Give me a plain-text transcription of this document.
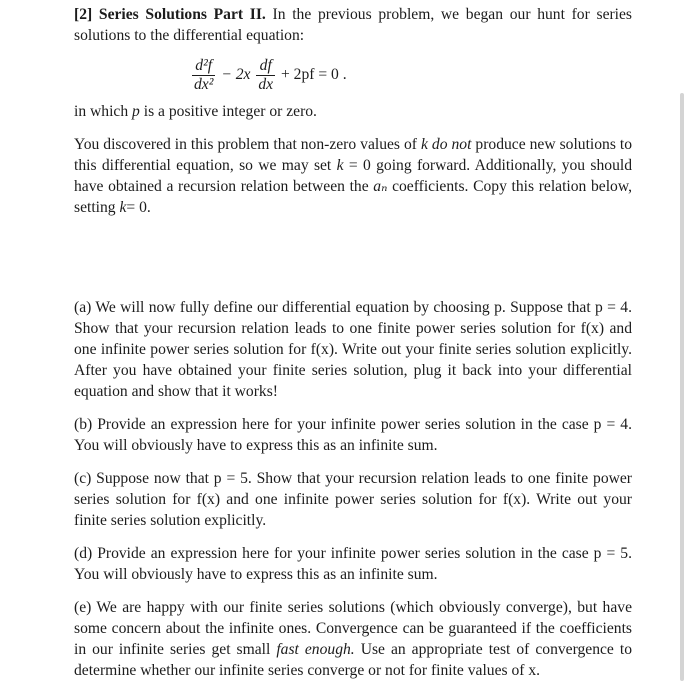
[2] Series Solutions Part II. In the previous problem, we began our hunt for series solutions to the differential equation:

in which p is a positive integer or zero.

You discovered in this problem that non-zero values of k do not produce new solutions to this differential equation, so we may set k = 0 going forward. Additionally, you should have obtained a recursion relation between the aₙ coefficients. Copy this relation below, setting k= 0.

(a) We will now fully define our differential equation by choosing p. Suppose that p = 4. Show that your recursion relation leads to one finite power series solution for f(x) and one infinite power series solution for f(x). Write out your finite series solution explicitly. After you have obtained your finite series solution, plug it back into your differential equation and show that it works!

(b) Provide an expression here for your infinite power series solution in the case p = 4. You will obviously have to express this as an infinite sum.

(c) Suppose now that p = 5. Show that your recursion relation leads to one finite power series solution for f(x) and one infinite power series solution for f(x). Write out your finite series solution explicitly.

(d) Provide an expression here for your infinite power series solution in the case p = 5. You will obviously have to express this as an infinite sum.

(e) We are happy with our finite series solutions (which obviously converge), but have some concern about the infinite ones. Convergence can be guaranteed if the coefficients in our infinite series get small fast enough. Use an appropriate test of convergence to determine whether our infinite series converge or not for finite values of x.

$\frac{\text{d²f}}{\text{dx²}} - 2x \frac{df}{dx} + 2pf = 0$ .
